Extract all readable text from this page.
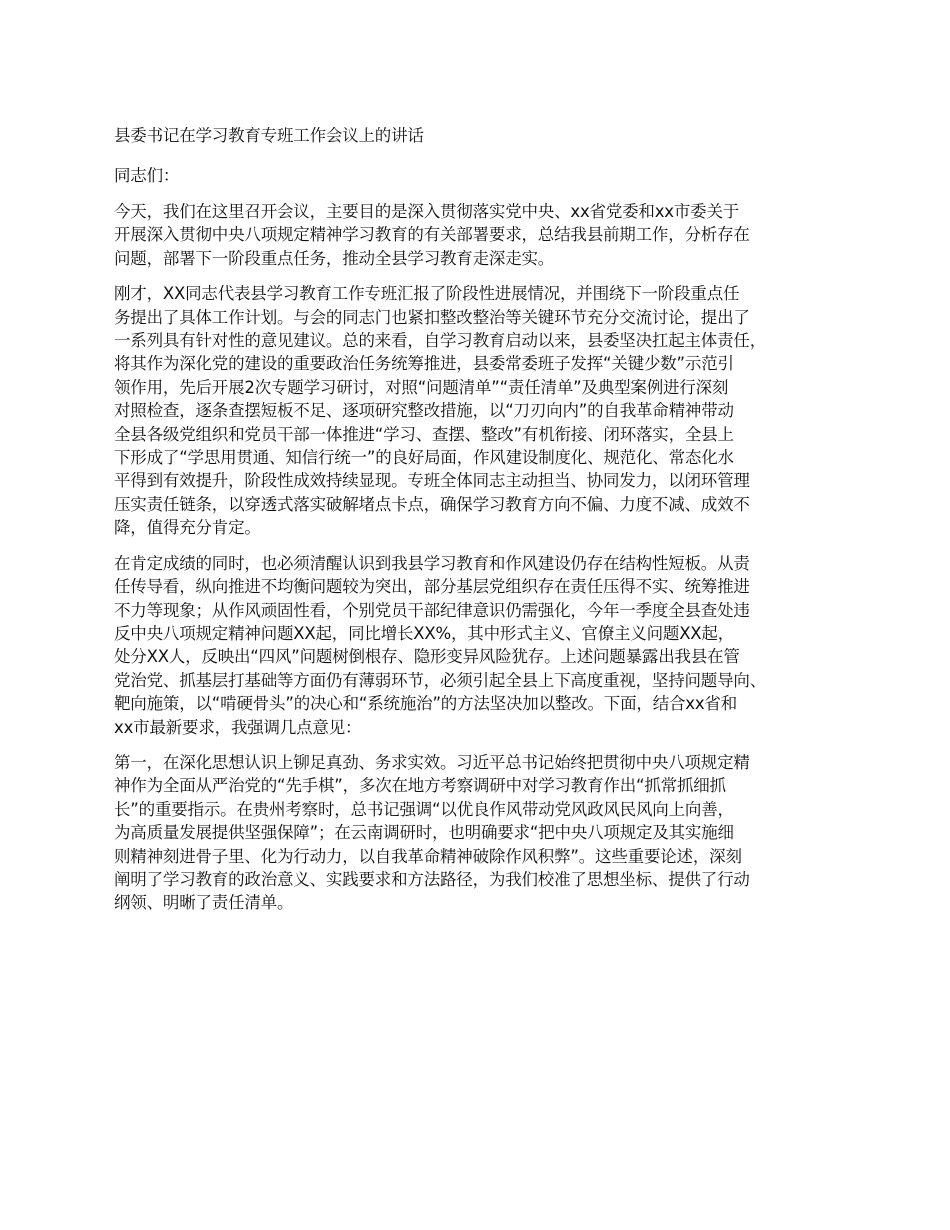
县委书记在学习教育专班工作会议上的讲话

同志们：

今天，我们在这里召开会议，主要目的是深入贯彻落实党中央、xx省党委和xx市委关于
开展深入贯彻中央八项规定精神学习教育的有关部署要求，总结我县前期工作，分析存在
问题，部署下一阶段重点任务，推动全县学习教育走深走实。

刚才，XX同志代表县学习教育工作专班汇报了阶段性进展情况，并围绕下一阶段重点任
务提出了具体工作计划。与会的同志门也紧扣整改整治等关键环节充分交流讨论，提出了
一系列具有针对性的意见建议。总的来看，自学习教育启动以来，县委坚决扛起主体责任，
将其作为深化党的建设的重要政治任务统筹推进，县委常委班子发挥“关键少数”示范引
领作用，先后开展2次专题学习研讨，对照“问题清单”“责任清单”及典型案例进行深刻
对照检查，逐条查摆短板不足、逐项研究整改措施，以“刀刃向内”的自我革命精神带动
全县各级党组织和党员干部一体推进“学习、查摆、整改”有机衔接、闭环落实，全县上
下形成了“学思用贯通、知信行统一”的良好局面，作风建设制度化、规范化、常态化水
平得到有效提升，阶段性成效持续显现。专班全体同志主动担当、协同发力，以闭环管理
压实责任链条，以穿透式落实破解堵点卡点，确保学习教育方向不偏、力度不减、成效不
降，值得充分肯定。

在肯定成绩的同时，也必须清醒认识到我县学习教育和作风建设仍存在结构性短板。从责
任传导看，纵向推进不均衡问题较为突出，部分基层党组织存在责任压得不实、统筹推进
不力等现象；从作风顽固性看，个别党员干部纪律意识仍需强化，今年一季度全县查处违
反中央八项规定精神问题XX起，同比增长XX%，其中形式主义、官僚主义问题XX起，
处分XX人，反映出“四风”问题树倒根存、隐形变异风险犹存。上述问题暴露出我县在管
党治党、抓基层打基础等方面仍有薄弱环节，必须引起全县上下高度重视，坚持问题导向、
靶向施策，以“啃硬骨头”的决心和“系统施治”的方法坚决加以整改。下面，结合xx省和
xx市最新要求，我强调几点意见：

第一，在深化思想认识上铆足真劲、务求实效。习近平总书记始终把贯彻中央八项规定精
神作为全面从严治党的“先手棋”，多次在地方考察调研中对学习教育作出“抓常抓细抓
长”的重要指示。在贵州考察时，总书记强调“以优良作风带动党风政风民风向上向善，
为高质量发展提供坚强保障”；在云南调研时，也明确要求“把中央八项规定及其实施细
则精神刻进骨子里、化为行动力，以自我革命精神破除作风积弊”。这些重要论述，深刻
阐明了学习教育的政治意义、实践要求和方法路径，为我们校准了思想坐标、提供了行动
纲领、明晰了责任清单。
